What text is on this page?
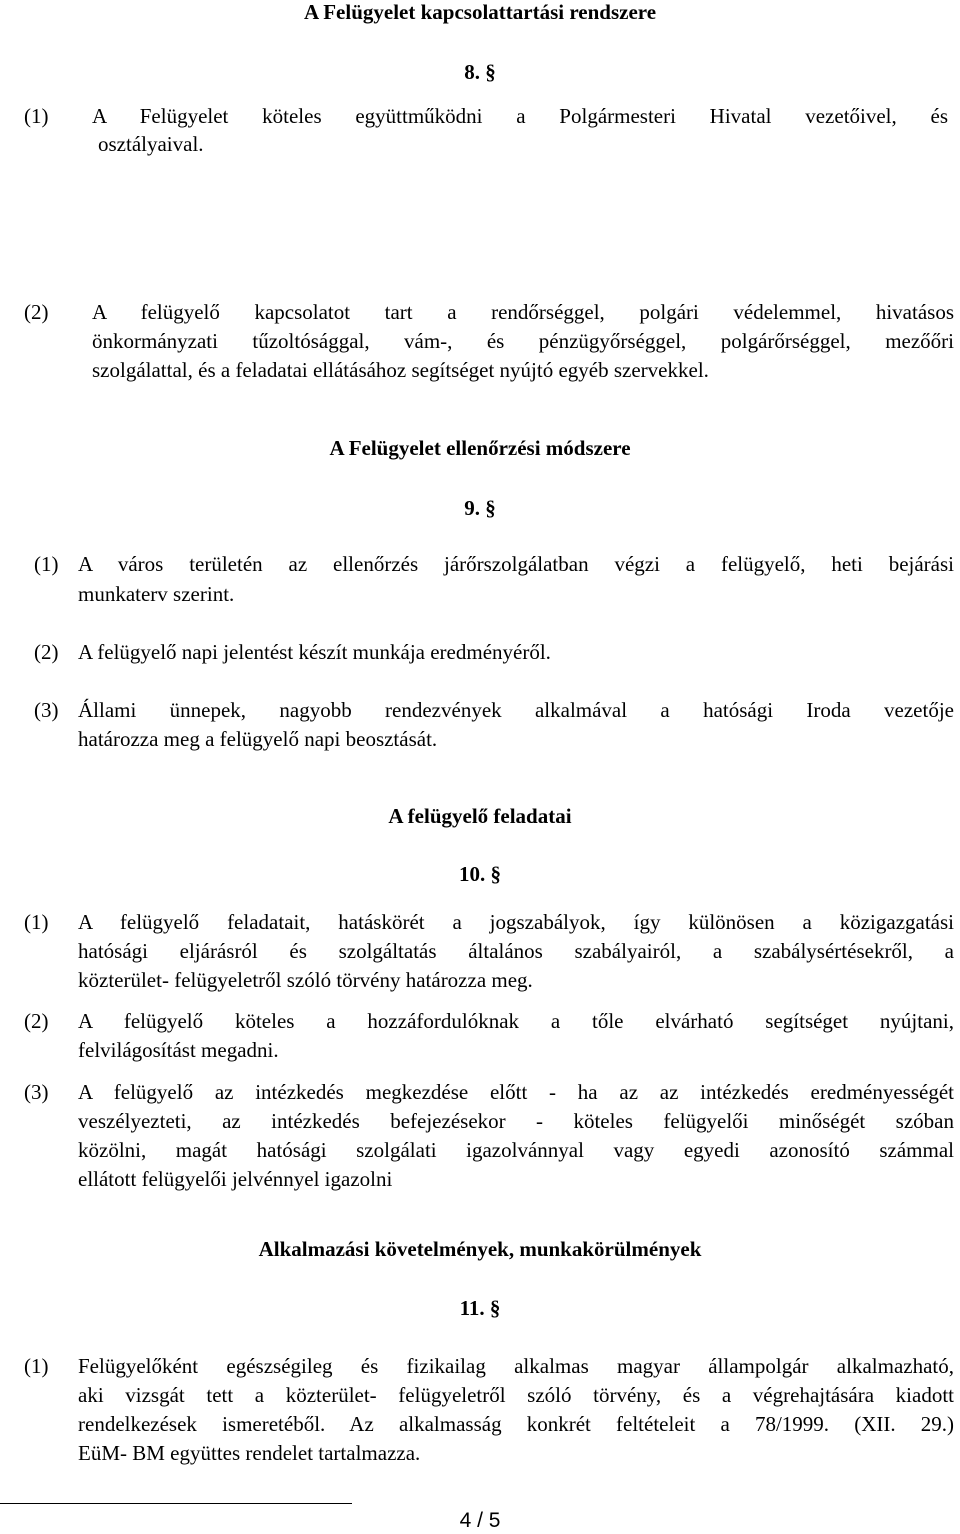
A Felügyelet kapcsolattartási rendszere
8. §
(1) A Felügyelet köteles együttműködni a Polgármesteri Hivatal vezetőivel, és
osztályaival.
(2) A felügyelő kapcsolatot tart a rendőrséggel, polgári védelemmel, hivatásos
önkormányzati tűzoltósággal, vám-, és pénzügyőrséggel, polgárőrséggel, mezőőri
szolgálattal, és a feladatai ellátásához segítséget nyújtó egyéb szervekkel.
A Felügyelet ellenőrzési módszere
9. §
(1) A város területén az ellenőrzés járőrszolgálatban végzi a felügyelő, heti bejárási
munkaterv szerint.
(2) A felügyelő napi jelentést készít munkája eredményéről.
(3) Állami ünnepek, nagyobb rendezvények alkalmával a hatósági Iroda vezetője
határozza meg a felügyelő napi beosztását.
A felügyelő feladatai
10. §
(1) A felügyelő feladatait, hatáskörét a jogszabályok, így különösen a közigazgatási
hatósági eljárásról és szolgáltatás általános szabályairól, a szabálysértésekről, a
közterület- felügyeletről szóló törvény határozza meg.
(2) A felügyelő köteles a hozzáfordulóknak a tőle elvárható segítséget nyújtani,
felvilágosítást megadni.
(3) A felügyelő az intézkedés megkezdése előtt - ha az az intézkedés eredményességét
veszélyezteti, az intézkedés befejezésekor - köteles felügyelői minőségét szóban
közölni, magát hatósági szolgálati igazolvánnyal vagy egyedi azonosító számmal
ellátott felügyelői jelvénnyel igazolni
Alkalmazási követelmények, munkakörülmények
11. §
(1) Felügyelőként egészségileg és fizikailag alkalmas magyar állampolgár alkalmazható,
aki vizsgát tett a közterület- felügyeletről szóló törvény, és a végrehajtására kiadott
rendelkezések ismeretéből. Az alkalmasság konkrét feltételeit a 78/1999. (XII. 29.)
EüM- BM együttes rendelet tartalmazza.
4 / 5
